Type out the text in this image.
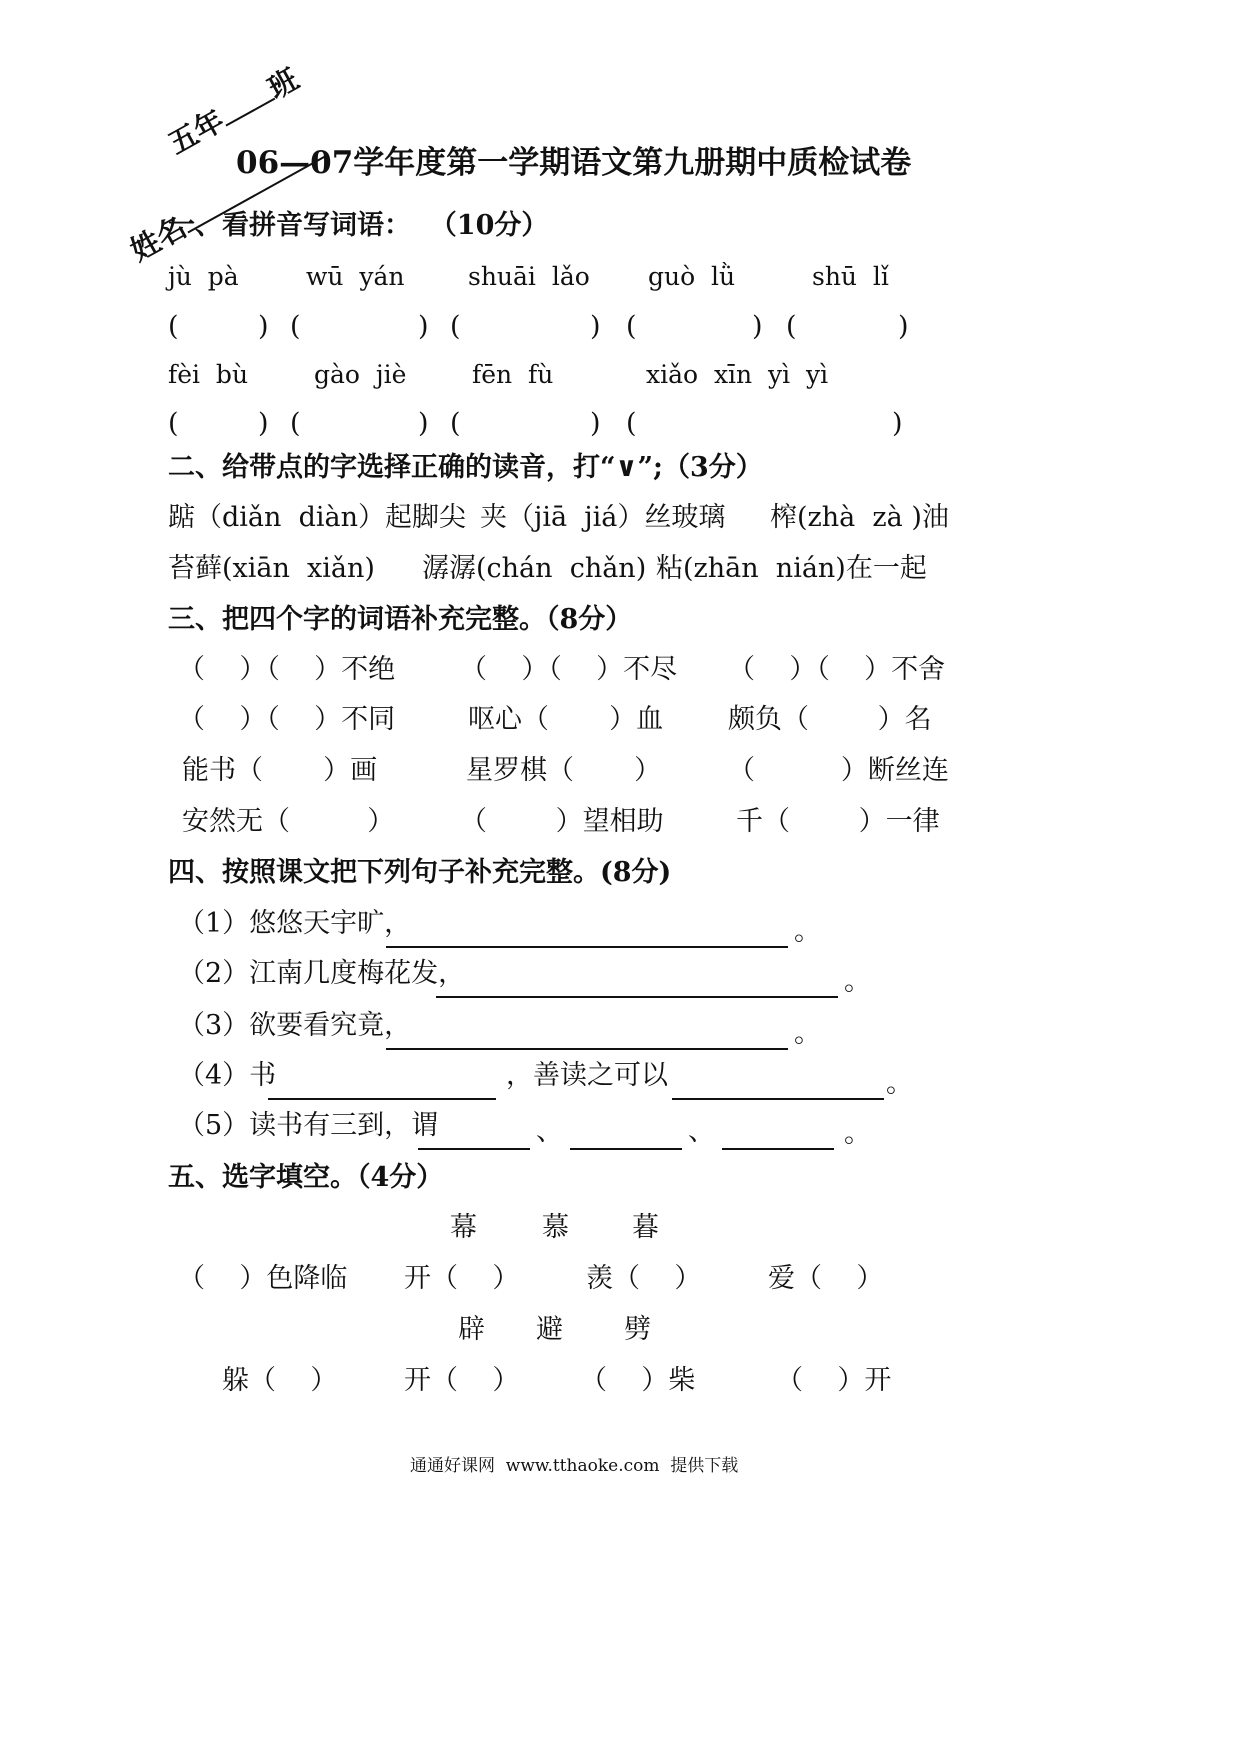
五年班
姓名
06—07学年度第一学期语文第九册期中质检试卷
一、看拼音写词语：  （10分）
jù  pà	wū  yán	shuāi  lǎo guò  lǜ	shū  lǐ
(	) (	) (	) (	) (	)
fèi  bù	gào  jiè	fēn  fù	xiǎo  xīn  yì  yì
(	) (	) (	) (	)
二、给带点的字选择正确的读音，打“∨”;（3分）
踮（diǎn  diàn）起脚尖 夹（jiā  jiá）丝玻璃 榨(zhà  zà )油
苔藓(xiān  xiǎn) 潺潺(chán  chǎn) 粘(zhān  nián)在一起
三、把四个字的词语补充完整。（8分）
（    ）（    ）不绝 （    ）（    ）不尽 （    ）（    ）不舍
（    ）（    ）不同	呕心（       ）血 颇负（        ）名
能书（       ）画	星罗棋（       ） （          ）断丝连
安然无（         ） （        ）望相助	千（        ）一律
四、按照课文把下列句子补充完整。(8分)
（1）悠悠天宇旷，	。
（2）江南几度梅花发，	。
（3）欲要看究竟，	。
（4）书	，善读之可以	。
（5）读书有三到，谓	、	、	。
五、选字填空。（4分）
幕 慕 暮
（    ）色降临 开（    ） 羡（    ） 爱（    ）
辟 避 劈
躲（    ） 开（    ） （    ）柴	（    ）开
通通好课网  www.tthaoke.com  提供下载
